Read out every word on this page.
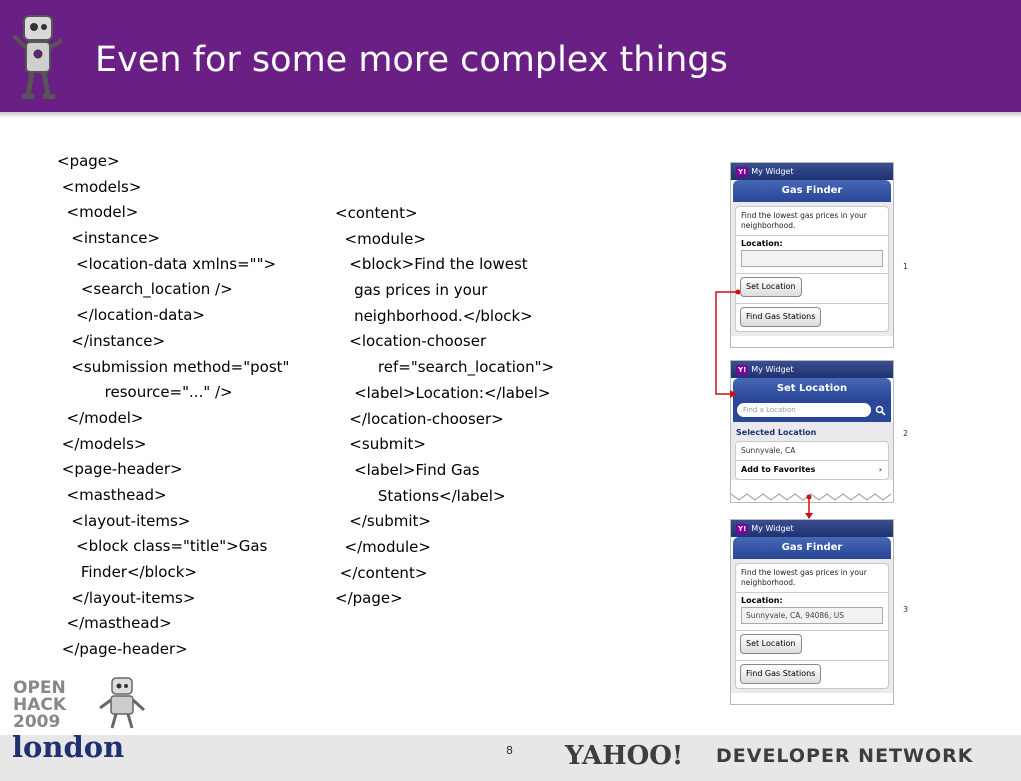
Even for some more complex things
<page>
<models>
<model>
<instance>
<location-data xmlns="">
<search_location />
</location-data>
</instance>
<submission method="post"
resource="..." />
</model>
</models>
<page-header>
<masthead>
<layout-items>
<block class="title">Gas
Finder</block>
</layout-items>
</masthead>
</page-header>
<content>
<module>
<block>Find the lowest
gas prices in your
neighborhood.</block>
<location-chooser
ref="search_location">
<label>Location:</label>
</location-chooser>
<submit>
<label>Find Gas
Stations</label>
</submit>
</module>
</content>
</page>
Y! My Widget
Gas Finder
Find the lowest gas prices in your neighborhood.
Location:
Set Location
Find Gas Stations
1
Y! My Widget
Set Location
Find a Location
Selected Location
Sunnyvale, CA
Add to Favorites	›
2
Y! My Widget
Gas Finder
Find the lowest gas prices in your neighborhood.
Location:
Sunnyvale, CA, 94086, US
Set Location
Find Gas Stations
3
8 YAHOO! DEVELOPER NETWORK
OPEN
HACK
2009
london
